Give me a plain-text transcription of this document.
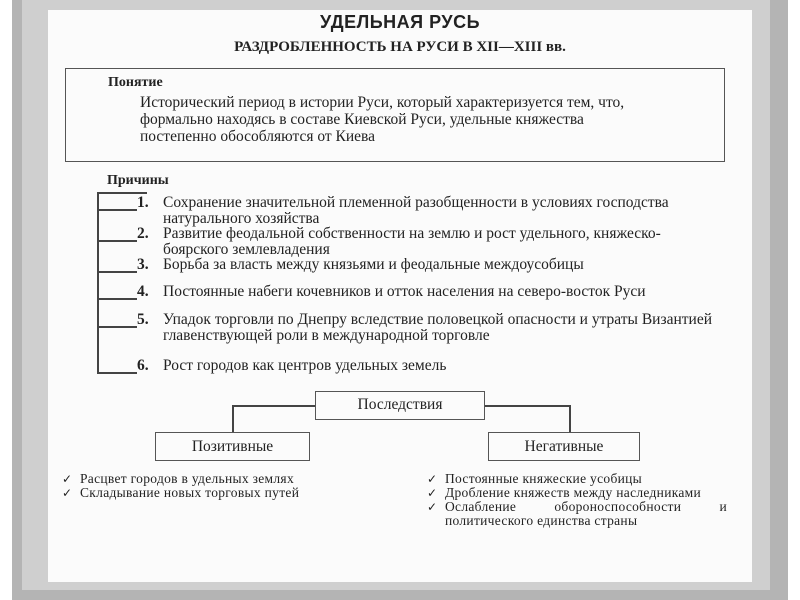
УДЕЛЬНАЯ РУСЬ
РАЗДРОБЛЕННОСТЬ НА РУСИ В XII—XIII вв.
Понятие
Исторический период в истории Руси, который характеризуется тем, что, формально находясь в составе Киевской Руси, удельные княжества постепенно обособляются от Киева
Причины
1. Сохранение значительной племенной разобщенности в условиях господства натурального хозяйства
2. Развитие феодальной собственности на землю и рост удельного, княжеско-боярского землевладения
3. Борьба за власть между князьями и феодальные междоусобицы
4. Постоянные набеги кочевников и отток населения на северо-восток Руси
5. Упадок торговли по Днепру вследствие половецкой опасности и утраты Византией главенствующей роли в международной торговле
6. Рост городов как центров удельных земель
Последствия
Позитивные	Негативные
✓ Расцвет городов в удельных землях
✓ Складывание новых торговых путей
✓ Постоянные княжеские усобицы
✓ Дробление княжеств между наследниками
✓ Ослабление обороноспособности и политического единства страны
